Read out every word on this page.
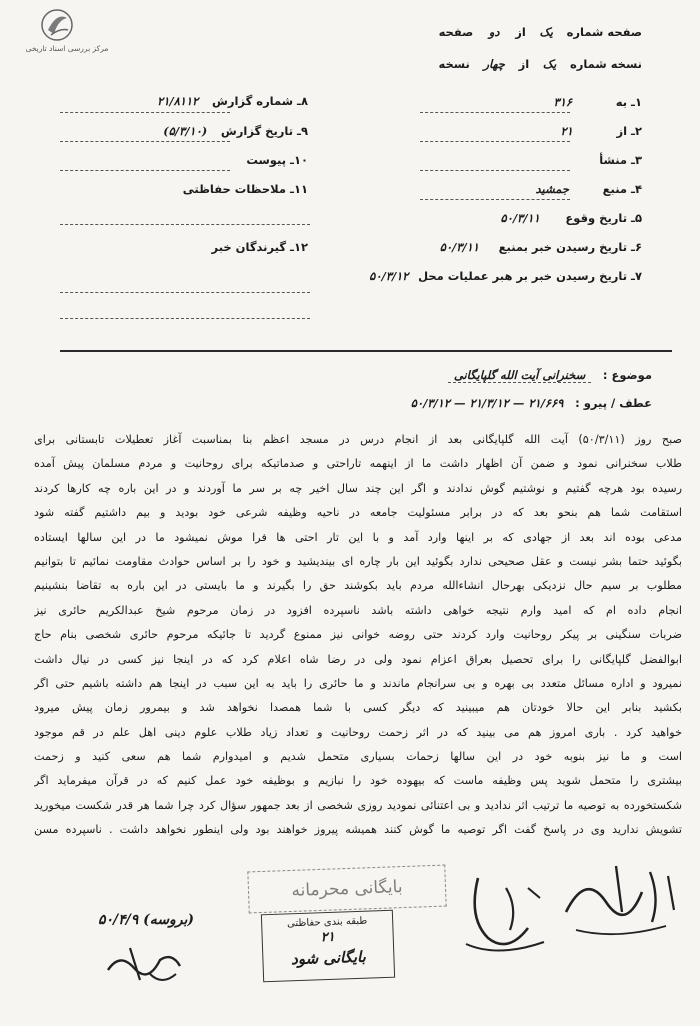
مرکز بررسی اسناد تاریخی
صفحه شماره یک از دو صفحه
نسخه شماره یک از چهار نسخه
۱ـ به ۳۱۶
۲ـ از ۲۱
۳ـ منشأ
۴ـ منبع جمشید
۵ـ تاریخ وقوع ۵۰/۳/۱۱
۶ـ تاریخ رسیدن خبر بمنبع ۵۰/۳/۱۱
۷ـ تاریخ رسیدن خبر بر هبر عملیات محل ۵۰/۳/۱۲
۸ـ شماره گزارش ۲۱/۸۱۱۲
۹ـ تاریخ گزارش (۵/۳/۱۰)
۱۰ـ پیوست
۱۱ـ ملاحظات حفاظتی
۱۲ـ گیرندگان خبر
موضوع : سخنرانی آیت الله گلپایگانی
عطف / پیرو : ۲۱/۶۶۹ — ۲۱/۳/۱۲ — ۵۰/۳/۱۲

صبح روز (۵۰/۳/۱۱) آیت الله گلپایگانی بعد از انجام درس در مسجد اعظم بنا بمناسبت آغاز تعطیلات تابستانی برای

طلاب سخنرانی نمود و ضمن آن اظهار داشت ما از اینهمه تاراحتی و صدماتیکه برای روحانیت و مردم مسلمان پیش آمده

رسیده بود هرچه گفتیم و نوشتیم گوش ندادند و اگر این چند سال اخیر چه بر سر ما آوردند و در این باره چه کارها کردند

استقامت شما هم بنحو بعد که در برابر مسئولیت جامعه در ناحیه وظیفه شرعی خود بودید و بیم داشتیم گفته شود

مدعی بوده اند بعد از جهادی که بر اینها وارد آمد و با این تار احتی ها فرا موش نمیشود ما در این سالها ایستاده

بگوئید حتما بشر نیست و عقل صحیحی ندارد بگوئید این بار چاره ای بیندیشید و خود را بر اساس حوادث مقاومت نمائیم تا بتوانیم

مطلوب بر سیم حال نزدیکی بهرحال انشاءالله مردم باید بکوشند حق را بگیرند و ما بایستی در این باره به تقاضا بنشینیم

انجام داده ام که امید وارم نتیجه خواهی داشته باشد ناسپرده افزود در زمان مرحوم شیخ عبدالکریم حائری نیز

ضربات سنگینی بر پیکر روحانیت وارد کردند حتی روضه خوانی نیز ممنوع گردید تا جائیکه مرحوم حائری شخصی بنام حاج

ابوالفضل گلپایگانی را برای تحصیل بعراق اعزام نمود ولی در رضا شاه اعلام کرد که در اینجا نیز کسی در نیال داشت

نمیرود و اداره مسائل متعدد بی بهره و بی سرانجام ماندند و ما حائری را باید به این سبب در اینجا هم داشته باشیم حتی اگر

بکشید بنابر این حالا خودتان هم میبینید که دیگر کسی با شما همصدا نخواهد شد و بیمرور زمان پیش میرود

خواهید کرد . باری امروز هم می بینید که در اثر زحمت روحانیت و تعداد زیاد طلاب علوم دینی اهل علم در قم موجود

است و ما نیز بنوبه خود در این سالها زحمات بسیاری متحمل شدیم و امیدوارم شما هم سعی کنید و زحمت

بیشتری را متحمل شوید پس وظیفه ماست که بیهوده خود را نبازیم و بوظیفه خود عمل کنیم که در قرآن میفرماید اگر

شکستخورده به توصیه ما ترتیب اثر ندادید و بی اعتنائی نمودید روزی شخصی از بعد جمهور سؤال کرد چرا شما هر قدر شکست میخورید

تشویش ندارید وی در پاسخ گفت اگر توصیه ما گوش کنند همیشه پیروز خواهند بود ولی اینطور نخواهد داشت . ناسپرده مسن

بایگانی محرمانه
طبقه بندی حفاظتی
۲۱
بایگانی شود
(بروسه) ۵۰/۴/۹
